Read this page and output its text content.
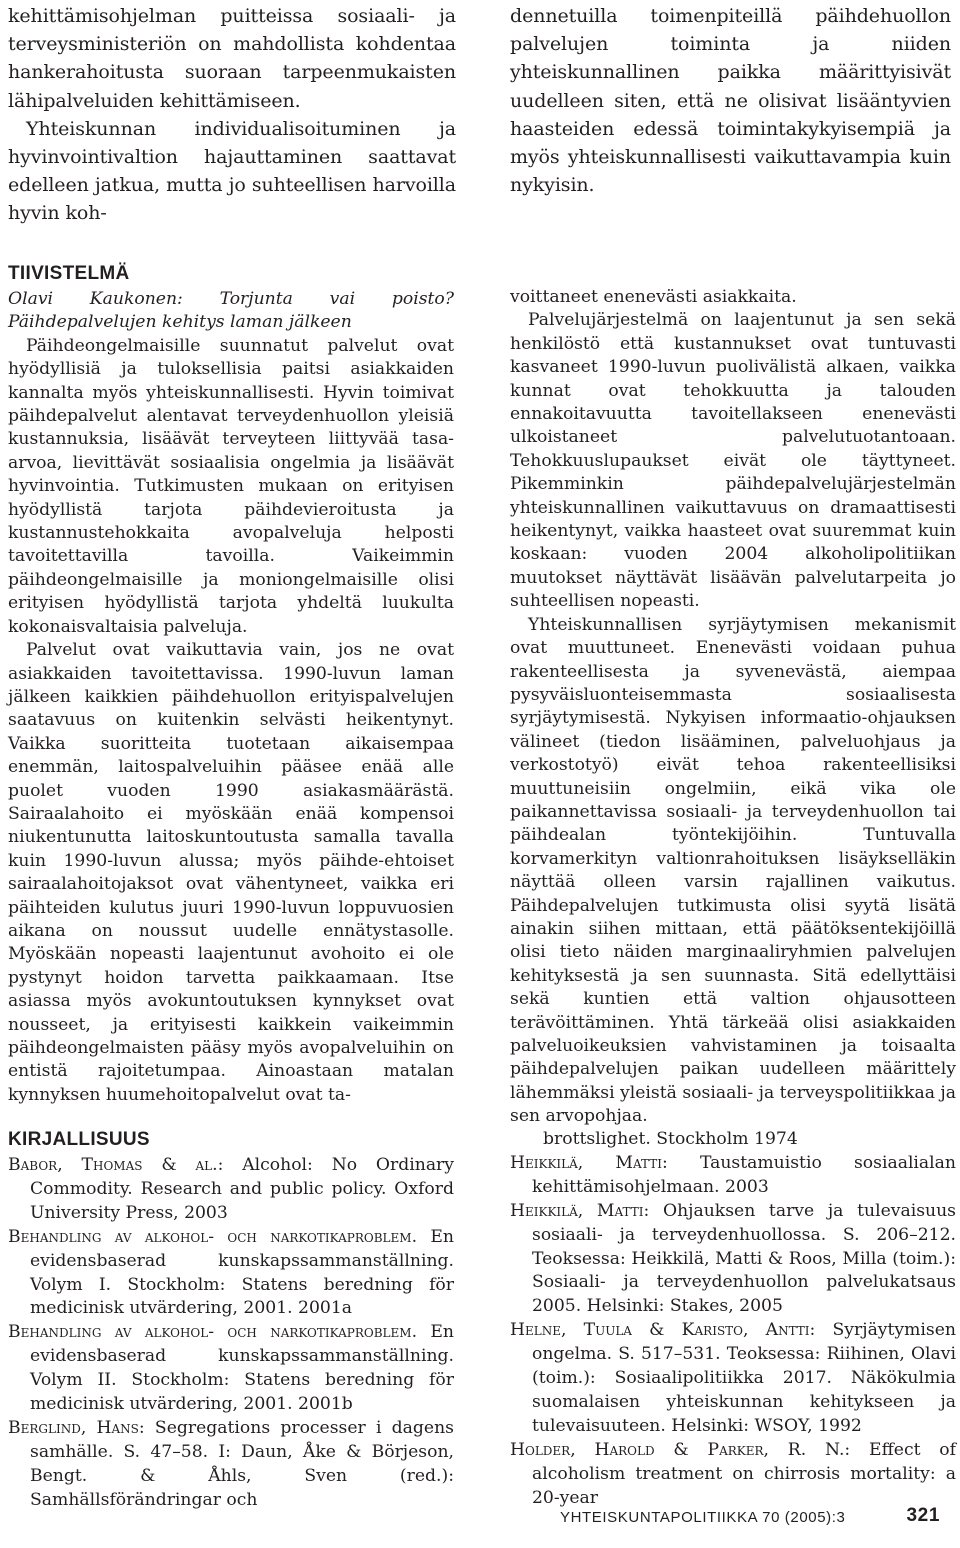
kehittämisohjelman puitteissa sosiaali- ja terveysministeriön on mahdollista kohdentaa hankerahoitusta suoraan tarpeenmukaisten lähipalveluiden kehittämiseen.

Yhteiskunnan individualisoituminen ja hyvinvointivaltion hajauttaminen saattavat edelleen jatkua, mutta jo suhteellisen harvoilla hyvin koh-

dennetuilla toimenpiteillä päihdehuollon palvelujen toiminta ja niiden yhteiskunnallinen paikka määrittyisivät uudelleen siten, että ne olisivat lisääntyvien haasteiden edessä toimintakykyisempiä ja myös yhteiskunnallisesti vaikuttavampia kuin nykyisin.

TIIVISTELMÄ

Olavi Kaukonen: Torjunta vai poisto? Päihdepalvelujen kehitys laman jälkeen

Päihdeongelmaisille suunnatut palvelut ovat hyödyllisiä ja tuloksellisia paitsi asiakkaiden kannalta myös yhteiskunnallisesti. Hyvin toimivat päihdepalvelut alentavat terveydenhuollon yleisiä kustannuksia, lisäävät terveyteen liittyvää tasa-arvoa, lievittävät sosiaalisia ongelmia ja lisäävät hyvinvointia. Tutkimusten mukaan on erityisen hyödyllistä tarjota päihdevieroitusta ja kustannustehokkaita avopalveluja helposti tavoitettavilla tavoilla. Vaikeimmin päihdeongelmaisille ja moniongelmaisille olisi erityisen hyödyllistä tarjota yhdeltä luukulta kokonaisvaltaisia palveluja.

Palvelut ovat vaikuttavia vain, jos ne ovat asiakkaiden tavoitettavissa. 1990-luvun laman jälkeen kaikkien päihdehuollon erityispalvelujen saatavuus on kuitenkin selvästi heikentynyt. Vaikka suoritteita tuotetaan aikaisempaa enemmän, laitospalveluihin pääsee enää alle puolet vuoden 1990 asiakasmäärästä. Sairaalahoito ei myöskään enää kompensoi niukentunutta laitoskuntoutusta samalla tavalla kuin 1990-luvun alussa; myös päihde-ehtoiset sairaalahoitojaksot ovat vähentyneet, vaikka eri päihteiden kulutus juuri 1990-luvun loppuvuosien aikana on noussut uudelle ennätystasolle. Myöskään nopeasti laajentunut avohoito ei ole pystynyt hoidon tarvetta paikkaamaan. Itse asiassa myös avokuntoutuksen kynnykset ovat nousseet, ja erityisesti kaikkein vaikeimmin päihdeongelmaisten pääsy myös avopalveluihin on entistä rajoitetumpaa. Ainoastaan matalan kynnyksen huumehoitopalvelut ovat ta-

voittaneet enenevästi asiakkaita.

Palvelujärjestelmä on laajentunut ja sen sekä henkilöstö että kustannukset ovat tuntuvasti kasvaneet 1990-luvun puolivälistä alkaen, vaikka kunnat ovat tehokkuutta ja talouden ennakoitavuutta tavoitellakseen enenevästi ulkoistaneet palvelutuotantoaan. Tehokkuuslupaukset eivät ole täyttyneet. Pikemminkin päihdepalvelujärjestelmän yhteiskunnallinen vaikuttavuus on dramaattisesti heikentynyt, vaikka haasteet ovat suuremmat kuin koskaan: vuoden 2004 alkoholipolitiikan muutokset näyttävät lisäävän palvelutarpeita jo suhteellisen nopeasti.

Yhteiskunnallisen syrjäytymisen mekanismit ovat muuttuneet. Enenevästi voidaan puhua rakenteellisesta ja syvenevästä, aiempaa pysyväisluonteisemmasta sosiaalisesta syrjäytymisestä. Nykyisen informaatio-ohjauksen välineet (tiedon lisääminen, palveluohjaus ja verkostotyö) eivät tehoa rakenteellisiksi muuttuneisiin ongelmiin, eikä vika ole paikannettavissa sosiaali- ja terveydenhuollon tai päihdealan työntekijöihin. Tuntuvalla korvamerkityn valtionrahoituksen lisäykselläkin näyttää olleen varsin rajallinen vaikutus. Päihdepalvelujen tutkimusta olisi syytä lisätä ainakin siihen mittaan, että päätöksentekijöillä olisi tieto näiden marginaaliryhmien palvelujen kehityksestä ja sen suunnasta. Sitä edellyttäisi sekä kuntien että valtion ohjausotteen terävöittäminen. Yhtä tärkeää olisi asiakkaiden palveluoikeuksien vahvistaminen ja toisaalta päihdepalvelujen paikan uudelleen määrittely lähemmäksi yleistä sosiaali- ja terveyspolitiikkaa ja sen arvopohjaa.

KIRJALLISUUS

Babor, Thomas & al.: Alcohol: No Ordinary Commodity. Research and public policy. Oxford University Press, 2003

Behandling av alkohol- och narkotikaproblem. En evidensbaserad kunskapssammanställning. Volym I. Stockholm: Statens beredning för medicinisk utvärdering, 2001. 2001a

Behandling av alkohol- och narkotikaproblem. En evidensbaserad kunskapssammanställning. Volym II. Stockholm: Statens beredning för medicinisk utvärdering, 2001. 2001b

Berglind, Hans: Segregations processer i dagens samhälle. S. 47–58. I: Daun, Åke & Börjeson, Bengt. & Åhls, Sven (red.): Samhällsförändringar och

brottslighet. Stockholm 1974

Heikkilä, Matti: Taustamuistio sosiaalialan kehittämisohjelmaan. 2003

Heikkilä, Matti: Ohjauksen tarve ja tulevaisuus sosiaali- ja terveydenhuollossa. S. 206–212. Teoksessa: Heikkilä, Matti & Roos, Milla (toim.): Sosiaali- ja terveydenhuollon palvelukatsaus 2005. Helsinki: Stakes, 2005

Helne, Tuula & Karisto, Antti: Syrjäytymisen ongelma. S. 517–531. Teoksessa: Riihinen, Olavi (toim.): Sosiaalipolitiikka 2017. Näkökulmia suomalaisen yhteiskunnan kehitykseen ja tulevaisuuteen. Helsinki: WSOY, 1992

Holder, Harold & Parker, R. N.: Effect of alcoholism treatment on chirrosis mortality: a 20-year

YHTEISKUNTAPOLITIIKKA 70 (2005):3	321
